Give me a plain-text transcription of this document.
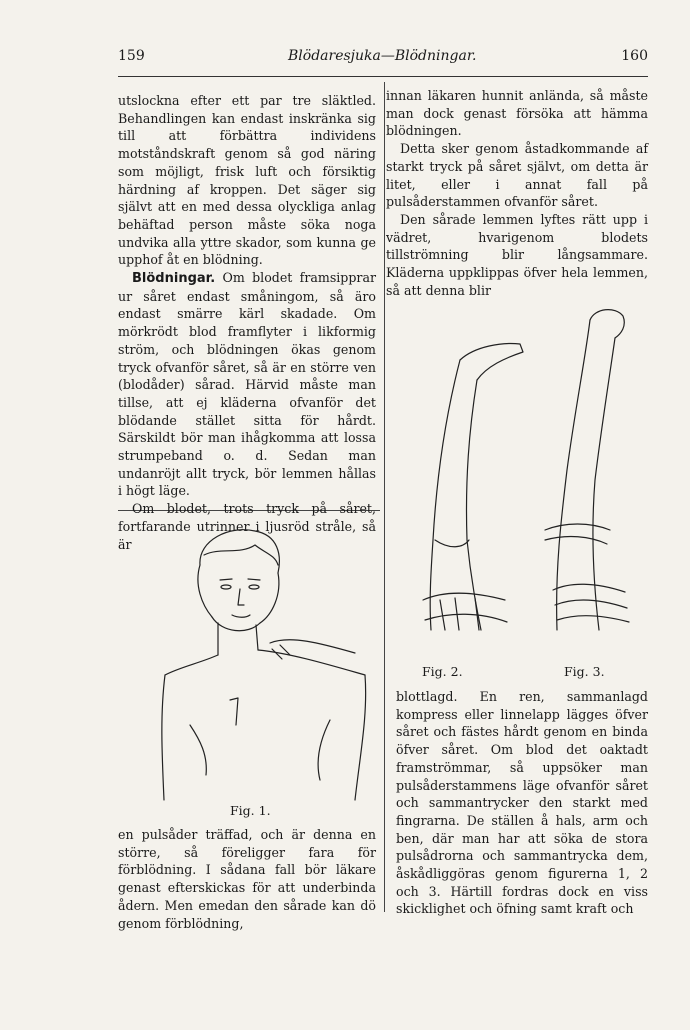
159	Blödaresjuka—Blödningar.	160

utslockna efter ett par tre släktled. Behandlingen kan endast inskränka sig till att förbättra individens motståndskraft genom så god näring som möjligt, frisk luft och försiktig härdning af kroppen. Det säger sig självt att en med dessa olyckliga anlag behäftad person måste söka noga undvika alla yttre skador, som kunna ge upphof åt en blödning.

Blödningar. Om blodet framsipprar ur såret endast småningom, så äro endast smärre kärl skadade. Om mörkrödt blod framflyter i likformig ström, och blödningen ökas genom tryck ofvanför såret, så är en större ven (blodåder) sårad. Härvid måste man tillse, att ej kläderna ofvanför det blödande stället sitta för hårdt. Särskildt bör man ihågkomma att lossa strumpeband o. d. Sedan man undanröjt allt tryck, bör lemmen hållas i högt läge.

Om blodet, trots tryck på såret, fortfarande utrinner i ljusröd stråle, så är

innan läkaren hunnit anlända, så måste man dock genast försöka att hämma blödningen.

Detta sker genom åstadkommande af starkt tryck på såret självt, om detta är litet, eller i annat fall på pulsåderstammen ofvanför såret.

Den sårade lemmen lyftes rätt upp i vädret, hvarigenom blodets tillströmning blir långsammare. Kläderna uppklippas öfver hela lemmen, så att denna blir

Fig. 1.
Fig. 2.	Fig. 3.

en pulsåder träffad, och är denna en större, så föreligger fara för förblödning. I sådana fall bör läkare genast efterskickas för att underbinda ådern. Men emedan den sårade kan dö genom förblödning,

blottlagd. En ren, sammanlagd kompress eller linnelapp lägges öfver såret och fästes hårdt genom en binda öfver såret. Om blod det oaktadt framströmmar, så uppsöker man pulsåderstammens läge ofvanför såret och sammantrycker den starkt med fingrarna. De ställen å hals, arm och ben, där man har att söka de stora pulsådrorna och sammantrycka dem, åskådliggöras genom figurerna 1, 2 och 3. Härtill fordras dock en viss skicklighet och öfning samt kraft och
